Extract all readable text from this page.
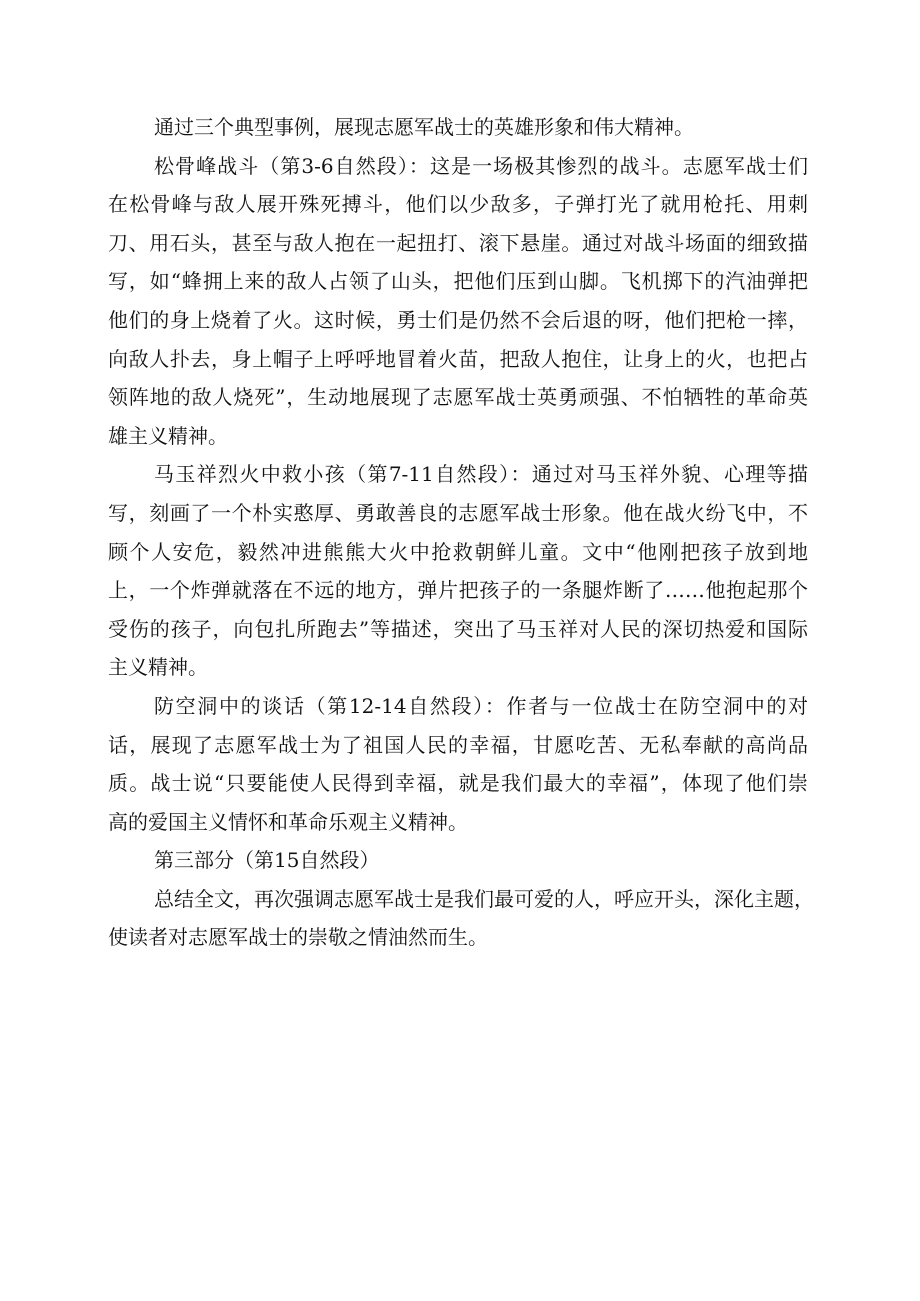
通过三个典型事例，展现志愿军战士的英雄形象和伟大精神。
松骨峰战斗（第3-6自然段）：这是一场极其惨烈的战斗。志愿军战士们
在松骨峰与敌人展开殊死搏斗，他们以少敌多，子弹打光了就用枪托、用刺
刀、用石头，甚至与敌人抱在一起扭打、滚下悬崖。通过对战斗场面的细致描
写，如“蜂拥上来的敌人占领了山头，把他们压到山脚。飞机掷下的汽油弹把
他们的身上烧着了火。这时候，勇士们是仍然不会后退的呀，他们把枪一摔，
向敌人扑去，身上帽子上呼呼地冒着火苗，把敌人抱住，让身上的火，也把占
领阵地的敌人烧死”，生动地展现了志愿军战士英勇顽强、不怕牺牲的革命英
雄主义精神。
马玉祥烈火中救小孩（第7-11自然段）：通过对马玉祥外貌、心理等描
写，刻画了一个朴实憨厚、勇敢善良的志愿军战士形象。他在战火纷飞中，不
顾个人安危，毅然冲进熊熊大火中抢救朝鲜儿童。文中“他刚把孩子放到地
上，一个炸弹就落在不远的地方，弹片把孩子的一条腿炸断了……他抱起那个
受伤的孩子，向包扎所跑去”等描述，突出了马玉祥对人民的深切热爱和国际
主义精神。
防空洞中的谈话（第12-14自然段）：作者与一位战士在防空洞中的对
话，展现了志愿军战士为了祖国人民的幸福，甘愿吃苦、无私奉献的高尚品
质。战士说“只要能使人民得到幸福，就是我们最大的幸福”，体现了他们崇
高的爱国主义情怀和革命乐观主义精神。
第三部分（第15自然段）
总结全文，再次强调志愿军战士是我们最可爱的人，呼应开头，深化主题，
使读者对志愿军战士的崇敬之情油然而生。
